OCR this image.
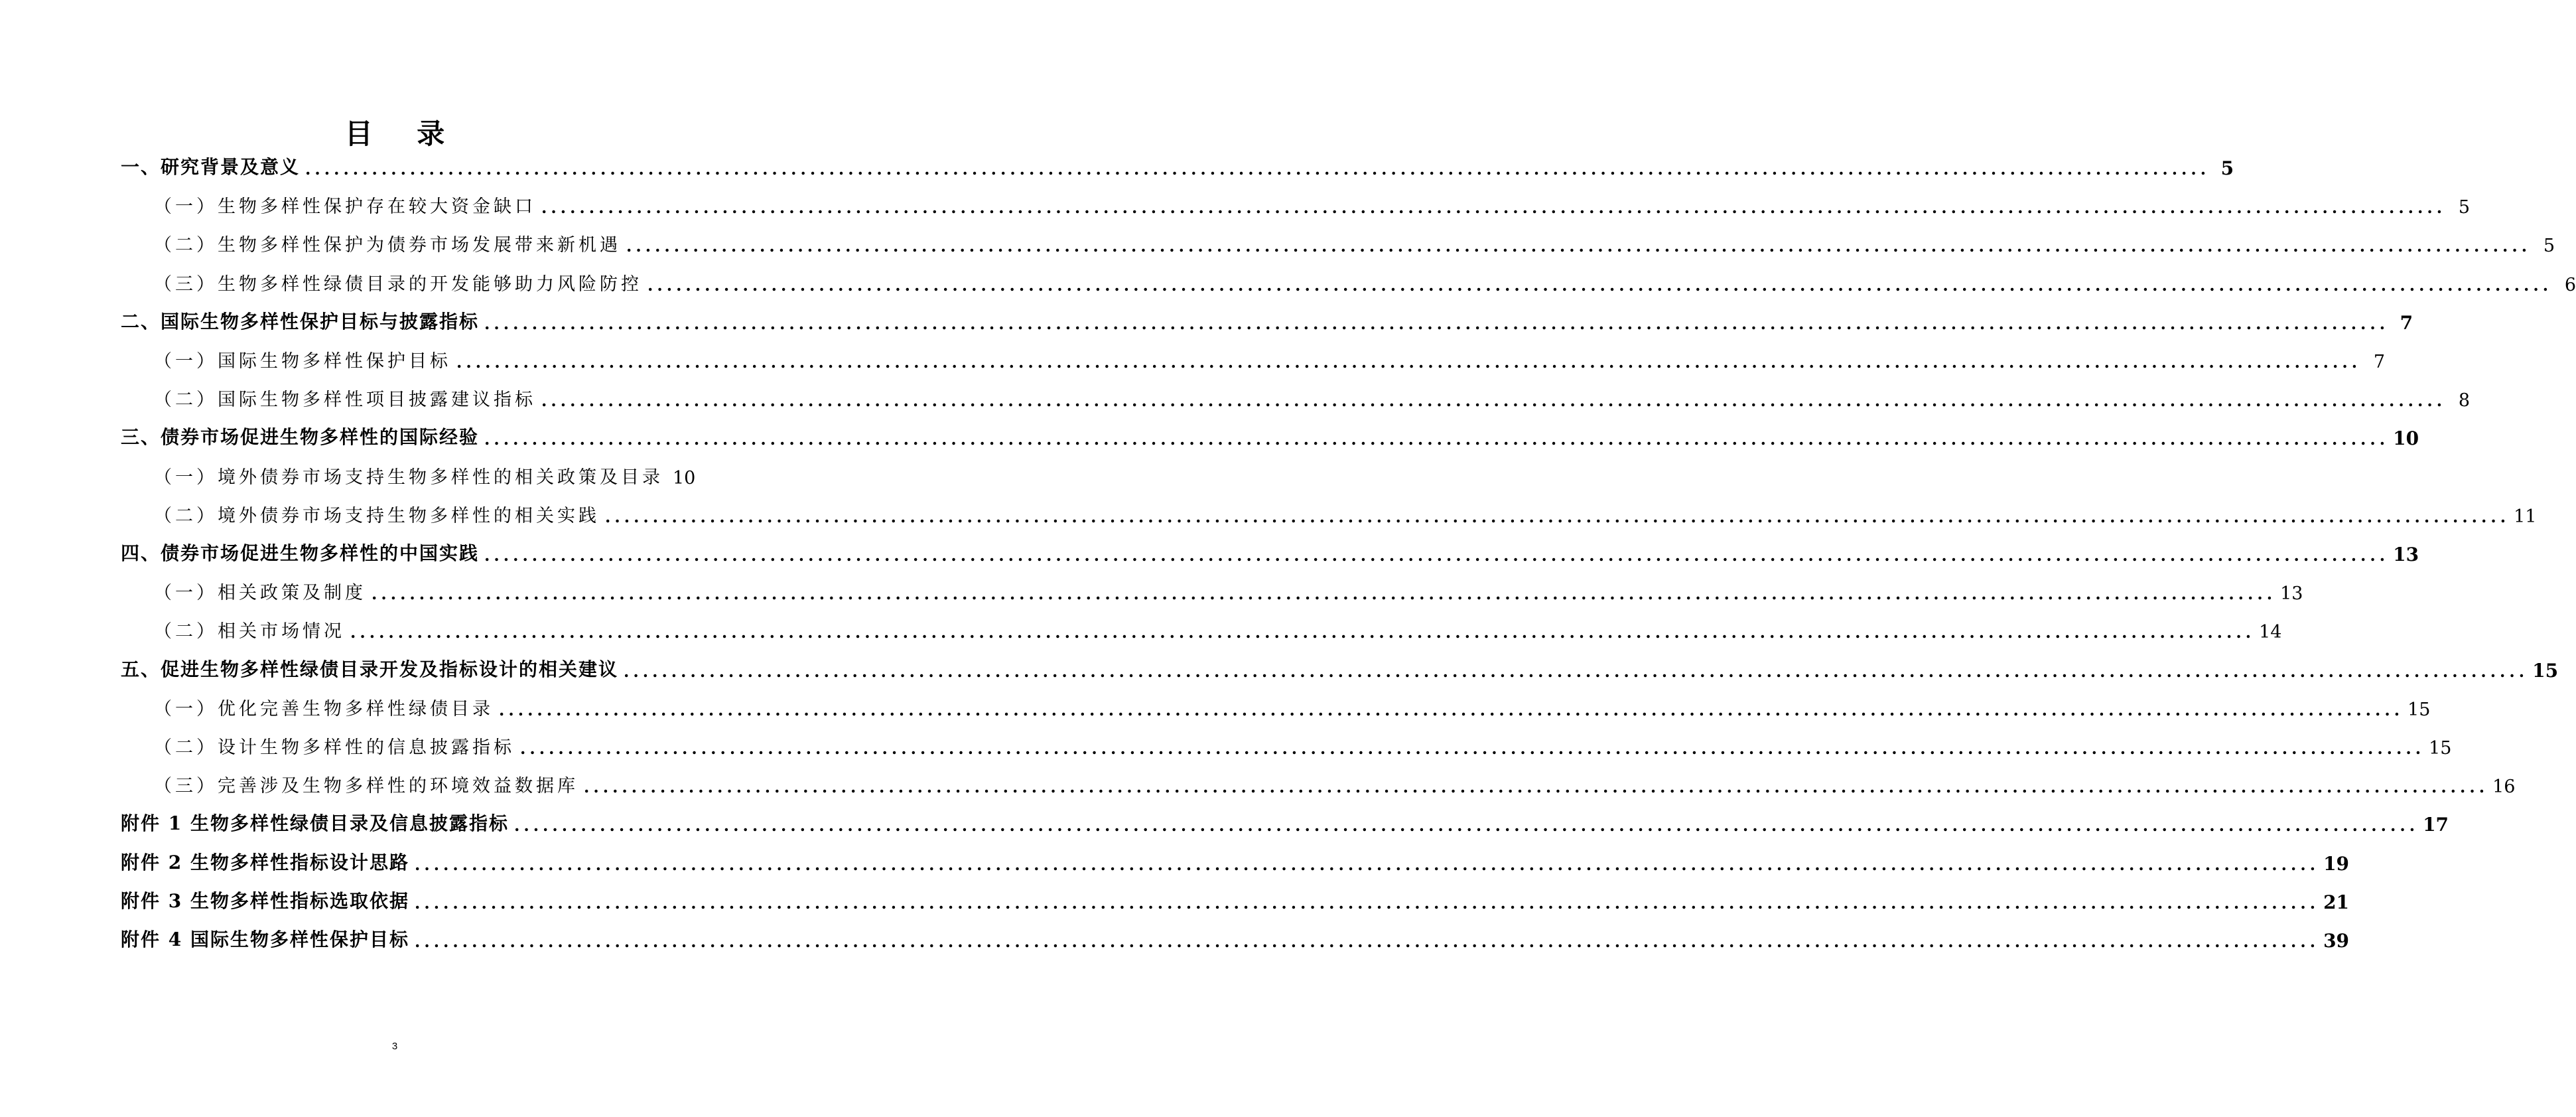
目 录
一、研究背景及意义 ........................................................................................................................................................................................................ 5
（一）生物多样性保护存在较大资金缺口 ........................................................................................................................................................................................................ 5
（二）生物多样性保护为债券市场发展带来新机遇 ........................................................................................................................................................................................................ 5
（三）生物多样性绿债目录的开发能够助力风险防控 ........................................................................................................................................................................................................ 6
二、国际生物多样性保护目标与披露指标 ........................................................................................................................................................................................................ 7
（一）国际生物多样性保护目标 ........................................................................................................................................................................................................ 7
（二）国际生物多样性项目披露建议指标 ........................................................................................................................................................................................................ 8
三、债券市场促进生物多样性的国际经验 ........................................................................................................................................................................................................ 10
（一）境外债券市场支持生物多样性的相关政策及目录 10
（二）境外债券市场支持生物多样性的相关实践 ........................................................................................................................................................................................................ 11
四、债券市场促进生物多样性的中国实践 ........................................................................................................................................................................................................ 13
（一）相关政策及制度 ........................................................................................................................................................................................................ 13
（二）相关市场情况 ........................................................................................................................................................................................................ 14
五、促进生物多样性绿债目录开发及指标设计的相关建议 ........................................................................................................................................................................................................ 15
（一）优化完善生物多样性绿债目录 ........................................................................................................................................................................................................ 15
（二）设计生物多样性的信息披露指标 ........................................................................................................................................................................................................ 15
（三）完善涉及生物多样性的环境效益数据库 ........................................................................................................................................................................................................ 16
附件 1 生物多样性绿债目录及信息披露指标 ........................................................................................................................................................................................................ 17
附件 2 生物多样性指标设计思路 ........................................................................................................................................................................................................ 19
附件 3 生物多样性指标选取依据 ........................................................................................................................................................................................................ 21
附件 4 国际生物多样性保护目标 ........................................................................................................................................................................................................ 39
3
